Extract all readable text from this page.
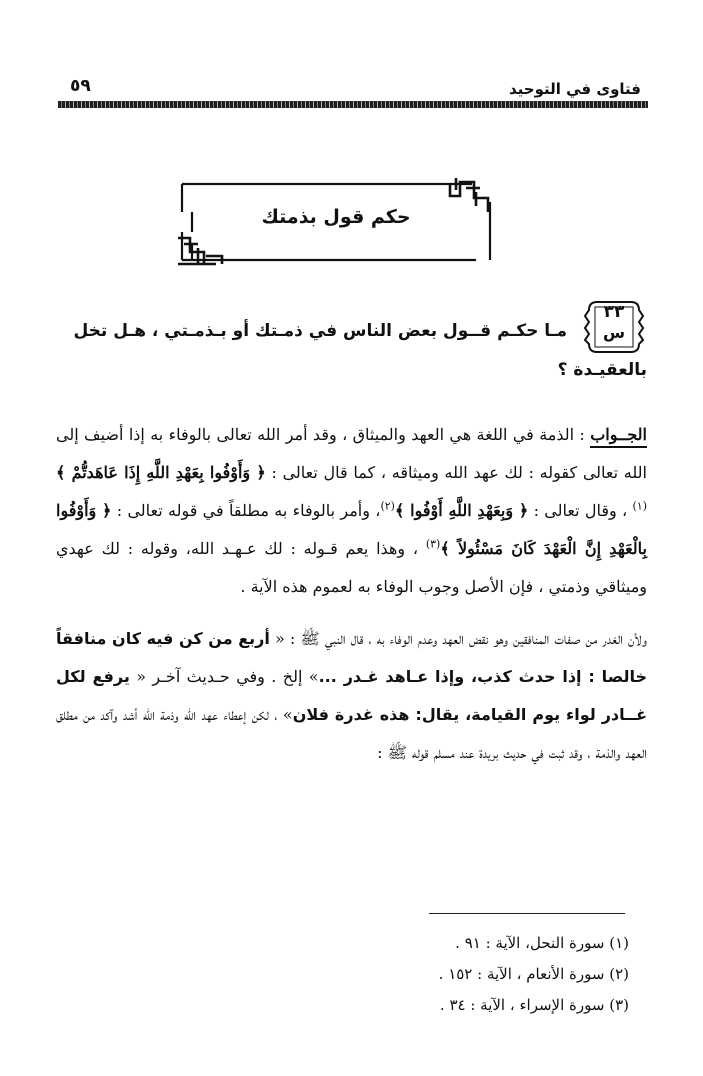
فتاوى في التوحيد
٥٩
حكم قول بذمتك
٣٣
س
مـا حكـم قــول بعض الناس في ذمـتك أو بـذمـتي ، هـل تخل
بالعقيـدة ؟

الجــواب : الذمة في اللغة هي العهد والميثاق ، وقد أمر الله تعالى بالوفاء به إذا أضيف إلى الله تعالى كقوله : لك عهد الله وميثاقه ، كما قال تعالى : ﴿ وَأَوْفُوا بِعَهْدِ اللَّهِ إِذَا عَاهَدتُّمْ ﴾$^{(١)}$ ، وقال تعالى : ﴿ وَبِعَهْدِ اللَّهِ أَوْفُوا ﴾$^{(٢)}$، وأمر بالوفاء به مطلقاً في قوله تعالى : ﴿ وَأَوْفُوا بِالْعَهْدِ إِنَّ الْعَهْدَ كَانَ مَسْئُولاً ﴾$^{(٣)}$ ، وهذا يعم قـوله : لك عـهـد الله، وقوله : لك عهدي وميثاقي وذمتي ، فإن الأصل وجوب الوفاء به لعموم هذه الآية .

ولأن الغدر من صفات المنافقين وهو نقض العهد وعدم الوفاء به ، قال النبي ﷺ : « أربع من كن فيه كان منافقاً خالصا : إذا حدث كذب، وإذا عـاهد غـدر ...» إلخ . وفي حـديث آخـر « يرفع لكل غــادر لواء يوم القيامة، يقال: هذه غدرة فلان» ، لكن إعطاء عهد الله وذمة الله أشد وآكد من مطلق العهد والذمة ، وقد ثبت في حديث بريدة عند مسلم قوله ﷺ :

(١) سورة النحل، الآية : ٩١ .
(٢) سورة الأنعام ، الآية : ١٥٢ .
(٣) سورة الإسراء ، الآية : ٣٤ .
